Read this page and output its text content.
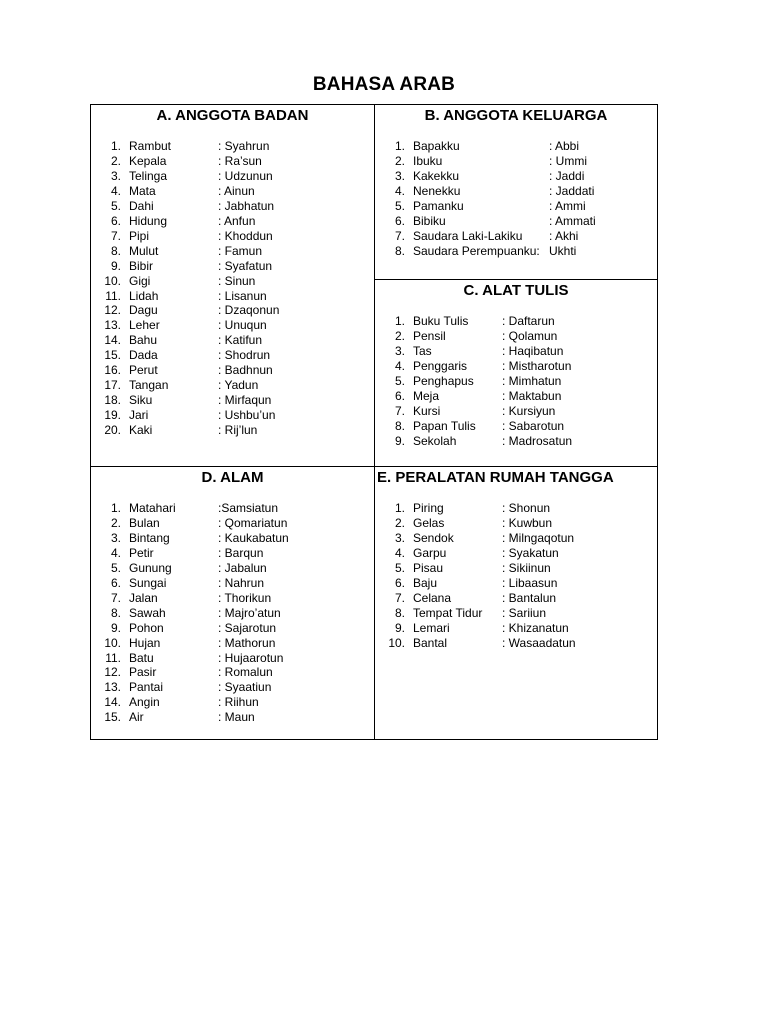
BAHASA ARAB
A. ANGGOTA BADAN
1. Rambut	: Syahrun
2. Kepala	: Ra’sun
3. Telinga	: Udzunun
4. Mata	: Ainun
5. Dahi	: Jabhatun
6. Hidung	: Anfun
7. Pipi	: Khoddun
8. Mulut	: Famun
9. Bibir	: Syafatun
10. Gigi	: Sinun
11. Lidah	: Lisanun
12. Dagu	: Dzaqonun
13. Leher	: Unuqun
14. Bahu	: Katifun
15. Dada	: Shodrun
16. Perut	: Badhnun
17. Tangan	: Yadun
18. Siku	: Mirfaqun
19. Jari	: Ushbu’un
20. Kaki	: Rij’lun
B. ANGGOTA KELUARGA
1. Bapakku	: Abbi
2. Ibuku	: Ummi
3. Kakekku	: Jaddi
4. Nenekku	: Jaddati
5. Pamanku	: Ammi
6. Bibiku	: Ammati
7. Saudara Laki-Lakiku	: Akhi
8. Saudara Perempuanku: Ukhti
C. ALAT TULIS
1. Buku Tulis	: Daftarun
2. Pensil	: Qolamun
3. Tas	: Haqibatun
4. Penggaris	: Mistharotun
5. Penghapus	: Mimhatun
6. Meja	: Maktabun
7. Kursi	: Kursiyun
8. Papan Tulis	: Sabarotun
9. Sekolah	: Madrosatun
D. ALAM
1. Matahari	:Samsiatun
2. Bulan	: Qomariatun
3. Bintang	: Kaukabatun
4. Petir	: Barqun
5. Gunung	: Jabalun
6. Sungai	: Nahrun
7. Jalan	: Thorikun
8. Sawah	: Majro’atun
9. Pohon	: Sajarotun
10. Hujan	: Mathorun
11. Batu	: Hujaarotun
12. Pasir	: Romalun
13. Pantai	: Syaatiun
14. Angin	: Riihun
15. Air	: Maun
E. PERALATAN RUMAH TANGGA
1. Piring	: Shonun
2. Gelas	: Kuwbun
3. Sendok	: Milngaqotun
4. Garpu	: Syakatun
5. Pisau	: Sikiinun
6. Baju	: Libaasun
7. Celana	: Bantalun
8. Tempat Tidur	: Sariiun
9. Lemari	: Khizanatun
10. Bantal	: Wasaadatun
